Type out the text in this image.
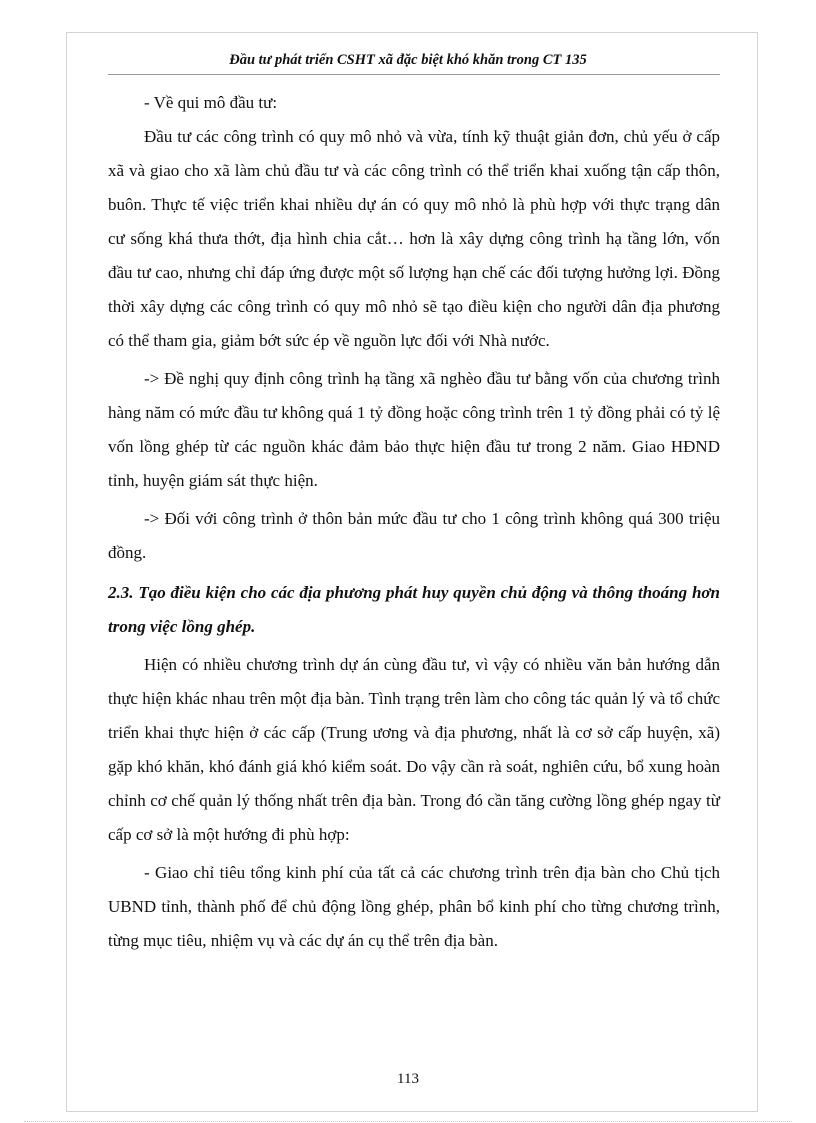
Đầu tư phát triển CSHT xã đặc biệt khó khăn trong CT 135

- Về qui mô đầu tư:

Đầu tư các công trình có quy mô nhỏ và vừa, tính kỹ thuật giản đơn, chủ yếu ở cấp xã và giao cho xã làm chủ đầu tư và các công trình có thể triển khai xuống tận cấp thôn, buôn. Thực tế việc triển khai nhiều dự án có quy mô nhỏ là phù hợp với thực trạng dân cư sống khá thưa thớt, địa hình chia cắt… hơn là xây dựng công trình hạ tầng lớn, vốn đầu tư cao, nhưng chỉ đáp ứng được một số lượng hạn chế các đối tượng hưởng lợi. Đồng thời xây dựng các công trình có quy mô nhỏ sẽ tạo điều kiện cho người dân địa phương có thể tham gia, giảm bớt sức ép về nguồn lực đối với Nhà nước.

-> Đề nghị quy định công trình hạ tầng xã nghèo đầu tư bằng vốn của chương trình hàng năm có mức đầu tư không quá 1 tỷ đồng hoặc công trình trên 1 tỷ đồng phải có tỷ lệ vốn lồng ghép từ các nguồn khác đảm bảo thực hiện đầu tư trong 2 năm. Giao HĐND tỉnh, huyện giám sát thực hiện.

-> Đối với công trình ở thôn bản mức đầu tư cho 1 công trình không quá 300 triệu đồng.

2.3. Tạo điều kiện cho các địa phương phát huy quyền chủ động và thông thoáng hơn trong việc lồng ghép.

Hiện có nhiều chương trình dự án cùng đầu tư, vì vậy có nhiều văn bản hướng dẫn thực hiện khác nhau trên một địa bàn. Tình trạng trên làm cho công tác quản lý và tổ chức triển khai thực hiện ở các cấp (Trung ương và địa phương, nhất là cơ sở cấp huyện, xã) gặp khó khăn, khó đánh giá khó kiểm soát. Do vậy cần rà soát, nghiên cứu, bổ xung hoàn chỉnh cơ chế quản lý thống nhất trên địa bàn. Trong đó cần tăng cường lồng ghép ngay từ cấp cơ sở là một hướng đi phù hợp:

- Giao chỉ tiêu tổng kinh phí của tất cả các chương trình trên địa bàn cho Chủ tịch UBND tỉnh, thành phố để chủ động lồng ghép, phân bổ kinh phí cho từng chương trình, từng mục tiêu, nhiệm vụ và các dự án cụ thể trên địa bàn.

113
